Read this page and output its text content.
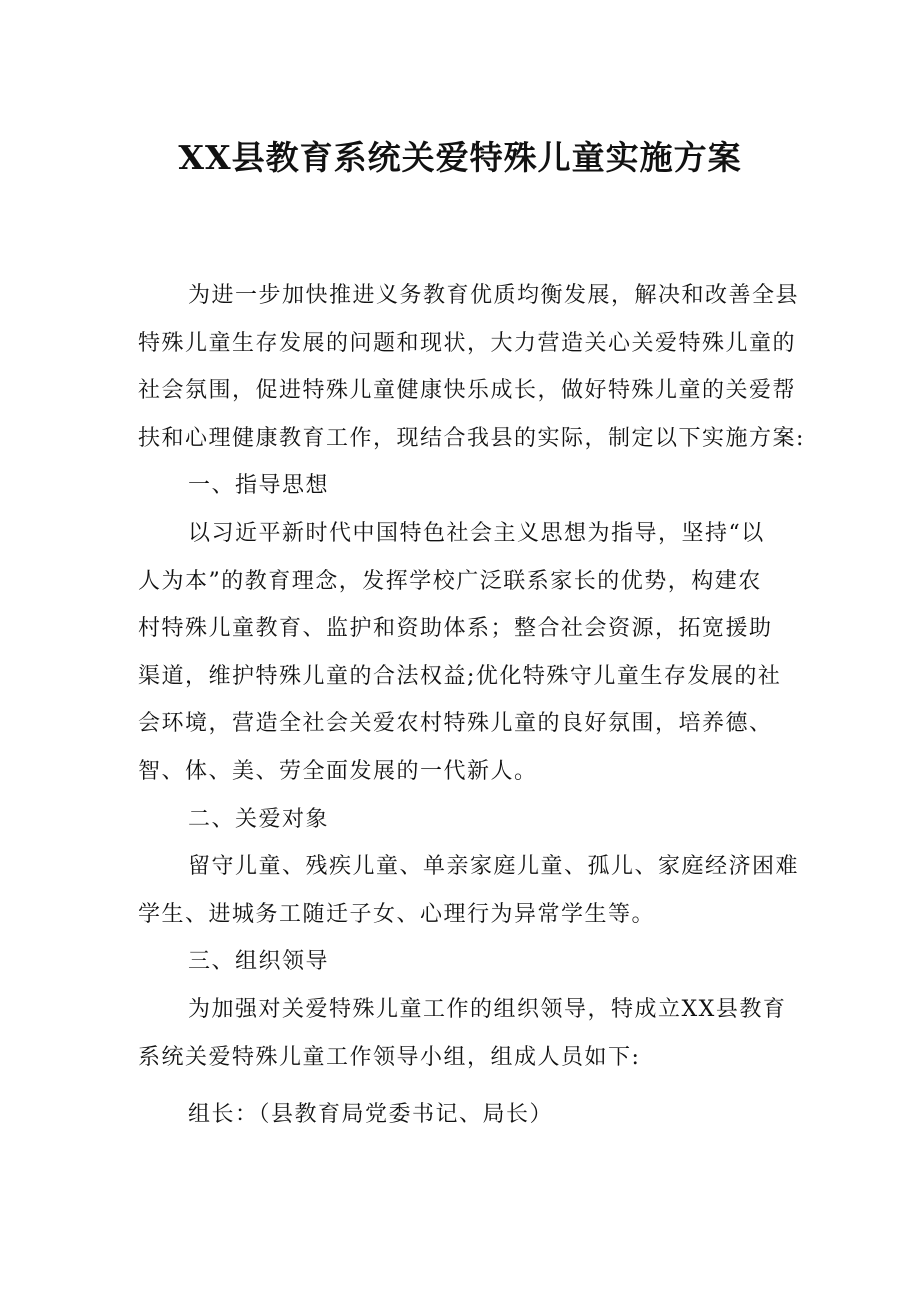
XX县教育系统关爱特殊儿童实施方案
为进一步加快推进义务教育优质均衡发展，解决和改善全县
特殊儿童生存发展的问题和现状，大力营造关心关爱特殊儿童的
社会氛围，促进特殊儿童健康快乐成长，做好特殊儿童的关爱帮
扶和心理健康教育工作，现结合我县的实际，制定以下实施方案:
一、指导思想
以习近平新时代中国特色社会主义思想为指导，坚持“以
人为本”的教育理念，发挥学校广泛联系家长的优势，构建农
村特殊儿童教育、监护和资助体系；整合社会资源，拓宽援助
渠道，维护特殊儿童的合法权益;优化特殊守儿童生存发展的社
会环境，营造全社会关爱农村特殊儿童的良好氛围，培养德、
智、体、美、劳全面发展的一代新人。
二、关爱对象
留守儿童、残疾儿童、单亲家庭儿童、孤儿、家庭经济困难
学生、进城务工随迁子女、心理行为异常学生等。
三、组织领导
为加强对关爱特殊儿童工作的组织领导，特成立XX县教育
系统关爱特殊儿童工作领导小组，组成人员如下:
组长：（县教育局党委书记、局长）
